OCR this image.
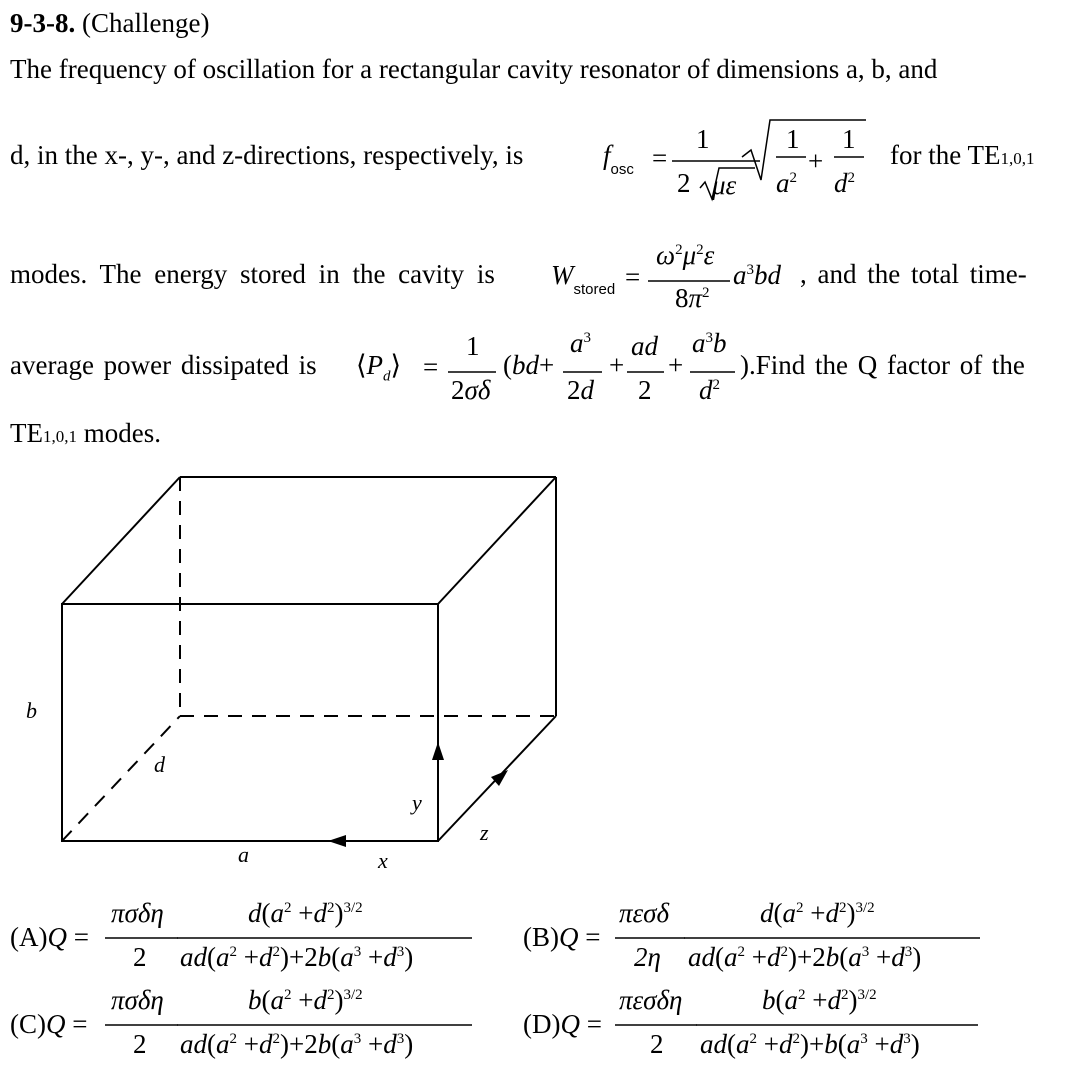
9-3-8. (Challenge)
The frequency of oscillation for a rectangular cavity resonator of dimensions a, b, and
d, in the x-, y-, and z-directions, respectively, is	$f_{osc}$ =
1
2 με
1
$a^2$
+
1
$d^2$
for the TE1,0,1
modes. The energy stored in the cavity is $W_{stored}$ =
$\omega^2\mu^2\varepsilon$
$8\pi^2$
$a^3bd$ , and the total time-
average power dissipated is $⟨P_d⟩$ =
1
2σδ
(bd+
$a^3$
2d
+
ad
2
+
$a^3b$
$d^2$
).Find the Q factor of the
TE1,0,1 modes.
a
b
d
x
y
z
(A)Q =
πσδη
2
$d(a^2 +d^2)^{3/2}$
$ad(a^2 +d^2)+2b(a^3 +d^3)$
(B)Q =
πεσδ
2η
$d(a^2 +d^2)^{3/2}$
$ad(a^2 +d^2)+2b(a^3 +d^3)$
(C)Q =
πσδη
2
$b(a^2 +d^2)^{3/2}$
$ad(a^2 +d^2)+2b(a^3 +d^3)$
(D)Q =
πεσδη
2
$b(a^2 +d^2)^{3/2}$
$ad(a^2 +d^2)+b(a^3 +d^3)$
